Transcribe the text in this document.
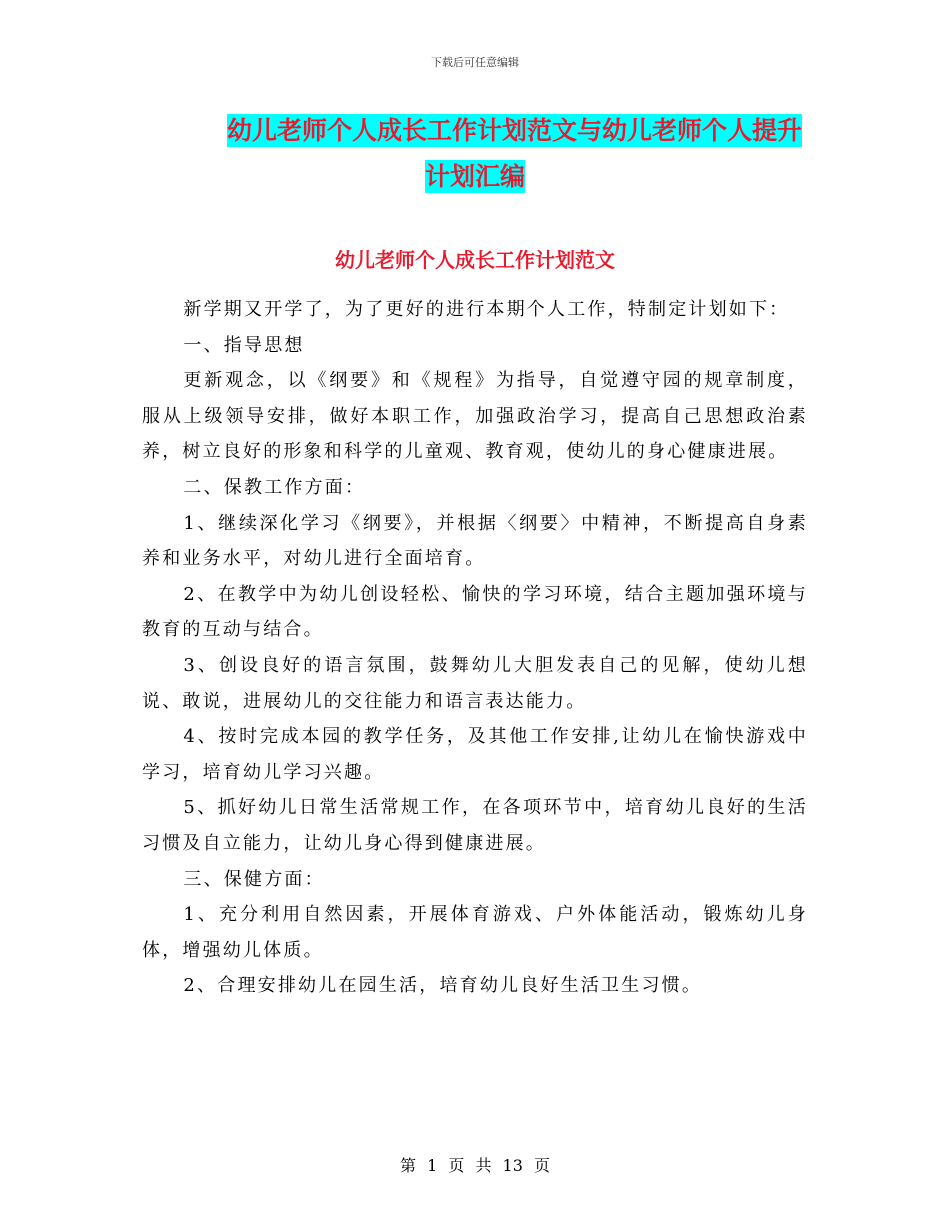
下载后可任意编辑
幼儿老师个人成长工作计划范文与幼儿老师个人提升
计划汇编
幼儿老师个人成长工作计划范文

新学期又开学了，为了更好的进行本期个人工作，特制定计划如下：

一、指导思想

更新观念，以《纲要》和《规程》为指导，自觉遵守园的规章制度，服从上级领导安排，做好本职工作，加强政治学习，提高自己思想政治素养，树立良好的形象和科学的儿童观、教育观，使幼儿的身心健康进展。

二、保教工作方面：

1、继续深化学习《纲要》，并根据〈纲要〉中精神，不断提高自身素养和业务水平，对幼儿进行全面培育。

2、在教学中为幼儿创设轻松、愉快的学习环境，结合主题加强环境与教育的互动与结合。

3、创设良好的语言氛围，鼓舞幼儿大胆发表自己的见解，使幼儿想说、敢说，进展幼儿的交往能力和语言表达能力。

4、按时完成本园的教学任务，及其他工作安排,让幼儿在愉快游戏中学习，培育幼儿学习兴趣。

5、抓好幼儿日常生活常规工作，在各项环节中，培育幼儿良好的生活习惯及自立能力，让幼儿身心得到健康进展。

三、保健方面：

1、充分利用自然因素，开展体育游戏、户外体能活动，锻炼幼儿身体，增强幼儿体质。

2、合理安排幼儿在园生活，培育幼儿良好生活卫生习惯。

第 1 页 共 13 页
